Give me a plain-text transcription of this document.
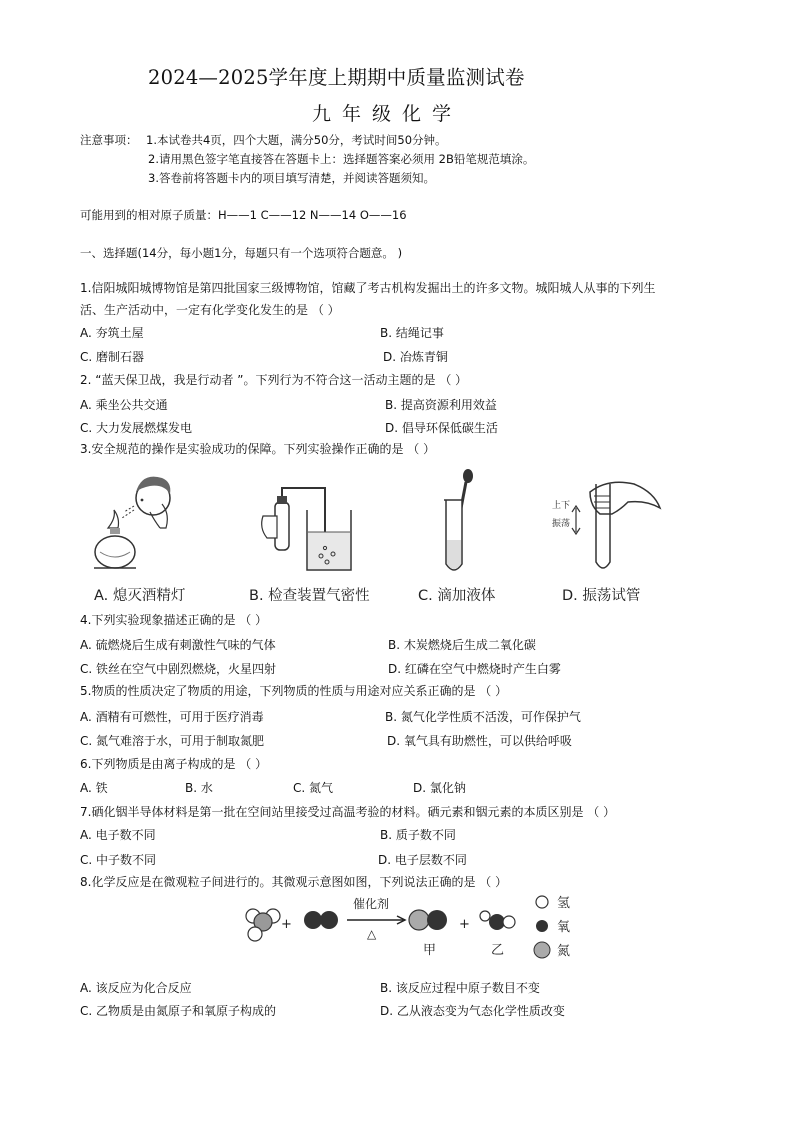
2024—2025学年度上期期中质量监测试卷
九年级化学
注意事项： 1.本试卷共4页，四个大题，满分50分，考试时间50分钟。
2.请用黑色签字笔直接答在答题卡上：选择题答案必须用 2B铅笔规范填涂。
3.答卷前将答题卡内的项目填写清楚，并阅读答题须知。
可能用到的相对原子质量：H——1 C——12 N——14 O——16
一、选择题(14分，每小题1分，每题只有一个选项符合题意。 )
1.信阳城阳城博物馆是第四批国家三级博物馆，馆藏了考古机构发掘出土的许多文物。城阳城人从事的下列生
活、生产活动中，一定有化学变化发生的是 （ ）
A. 夯筑土屋	B. 结绳记事
C. 磨制石器	D. 冶炼青铜
2. “蓝天保卫战，我是行动者 ”。下列行为不符合这一活动主题的是 （ ）
A. 乘坐公共交通	B. 提高资源利用效益
C. 大力发展燃煤发电	D. 倡导环保低碳生活
3.安全规范的操作是实验成功的保障。下列实验操作正确的是 （ ）
A. 熄灭酒精灯	B. 检查装置气密性	C. 滴加液体
上下
振荡
D. 振荡试管
4.下列实验现象描述正确的是 （ ）
A. 硫燃烧后生成有刺激性气味的气体	B. 木炭燃烧后生成二氧化碳
C. 铁丝在空气中剧烈燃烧，火星四射	D. 红磷在空气中燃烧时产生白雾
5.物质的性质决定了物质的用途，下列物质的性质与用途对应关系正确的是 （ ）
A. 酒精有可燃性，可用于医疗消毒	B. 氮气化学性质不活泼，可作保护气
C. 氮气难溶于水，可用于制取氮肥	D. 氧气具有助燃性，可以供给呼吸
6.下列物质是由离子构成的是 （ ）
A. 铁	B. 水	C. 氮气	D. 氯化钠
7.硒化铟半导体材料是第一批在空间站里接受过高温考验的材料。硒元素和铟元素的本质区别是 （ ）
A. 电子数不同	B. 质子数不同
C. 中子数不同	D. 电子层数不同
8.化学反应是在微观粒子间进行的。其微观示意图如图，下列说法正确的是 （ ）
+
催化剂
△
甲
+
乙
氢
氧
氮
A. 该反应为化合反应	B. 该反应过程中原子数目不变
C. 乙物质是由氮原子和氧原子构成的	D. 乙从液态变为气态化学性质改变
